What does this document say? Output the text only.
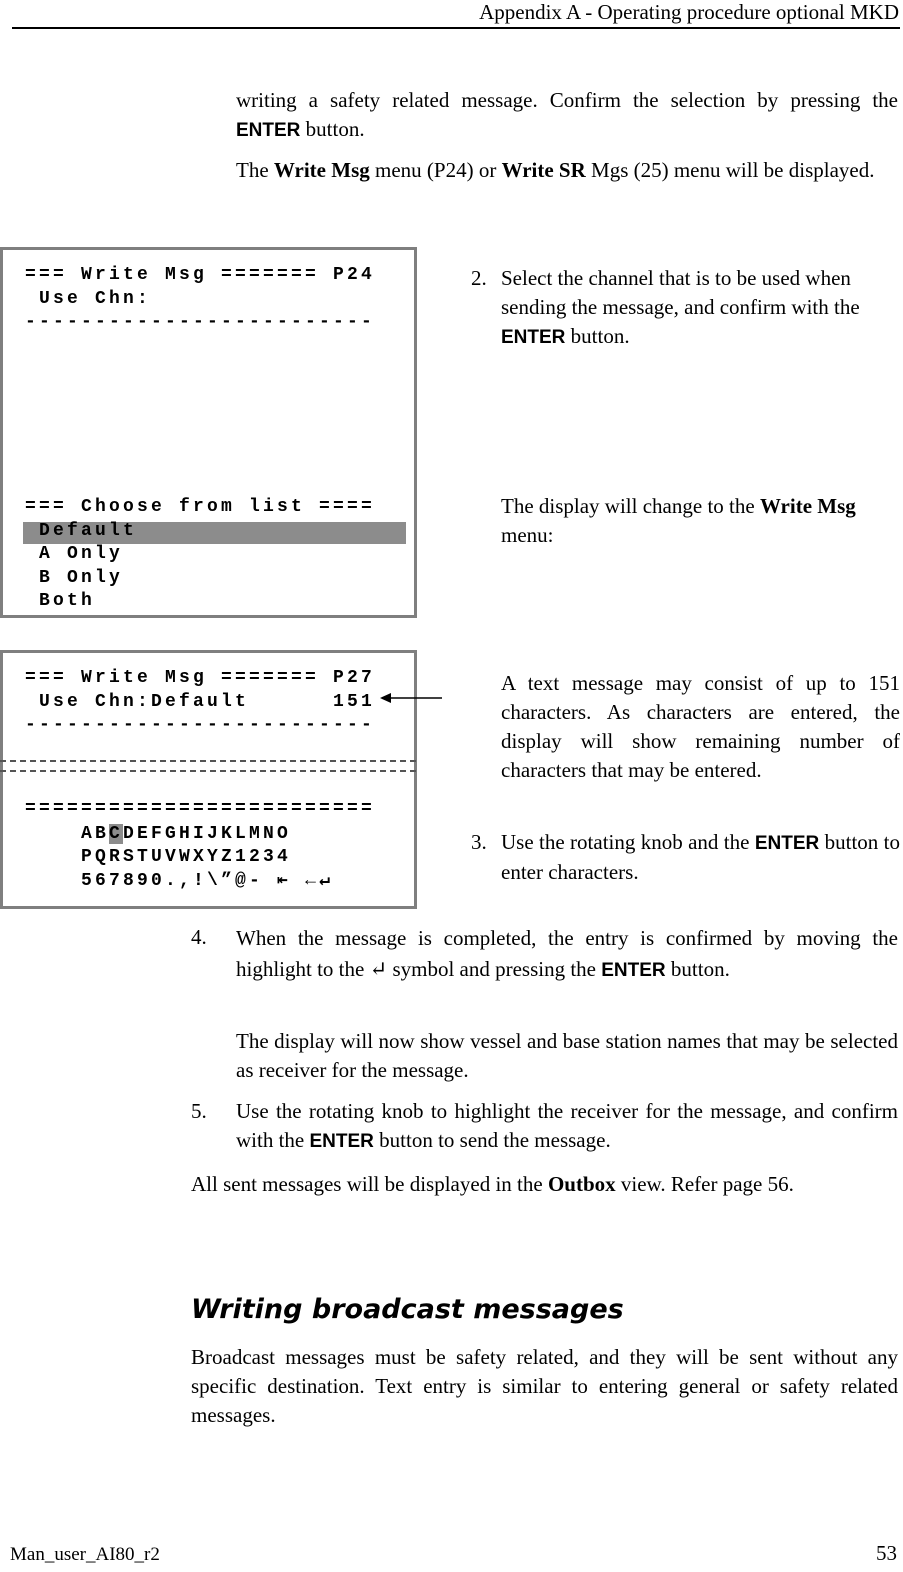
Appendix A - Operating procedure optional MKD
writing a safety related message. Confirm the selection by pressing the ENTER button.
The Write Msg menu (P24) or Write SR Mgs (25) menu will be displayed.
=== Write Msg ======= P24
Use Chn:
-------------------------
=== Choose from list ====
Default
A Only
B Only
Both
2. Select the channel that is to be used when sending the message, and confirm with the ENTER button.
The display will change to the Write Msg menu:
=== Write Msg ======= P27
Use Chn:Default      151
-------------------------
=========================
ABCDEFGHIJKLMNO
PQRSTUVWXYZ1234
567890.,!\”@- ⇤ ←↵
A text message may consist of up to 151 characters. As characters are entered, the display will show remaining number of characters that may be entered.
3. Use the rotating knob and the ENTER button to enter characters.
4. When the message is completed, the entry is confirmed by moving the highlight to the ↵ symbol and pressing the ENTER button.
The display will now show vessel and base station names that may be selected as receiver for the message.
5. Use the rotating knob to highlight the receiver for the message, and confirm with the ENTER button to send the message.
All sent messages will be displayed in the Outbox view. Refer page 56.
Writing broadcast messages
Broadcast messages must be safety related, and they will be sent without any specific destination. Text entry is similar to entering general or safety related messages.
Man_user_AI80_r2	53
